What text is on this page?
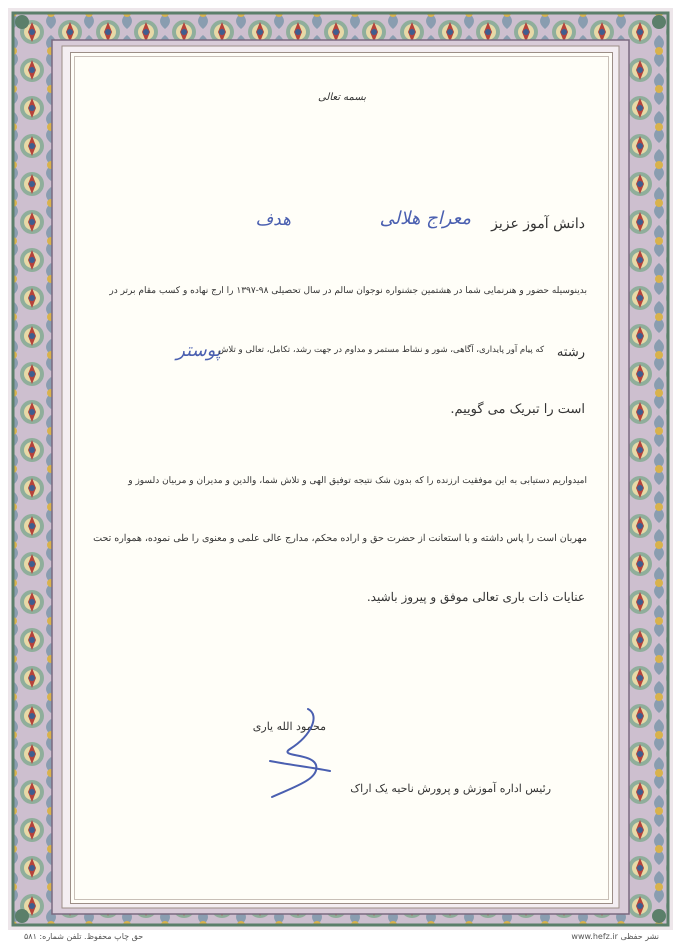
بسمه تعالی
دانش آموز عزیز
معراج هلالی
هدف
بدینوسیله حضور و هنرنمایی شما در هشتمین جشنواره نوجوان سالم در سال تحصیلی ۹۸-۱۳۹۷ را ارج نهاده و کسب مقام برتر در
رشته
پوستر
که پیام آور پایداری، آگاهی، شور و نشاط مستمر و مداوم در جهت رشد، تکامل، تعالی و تلاش
است را تبریک می گوییم.
امیدواریم دستیابی به این موفقیت ارزنده را که بدون شک نتیجه توفیق الهی و تلاش شما، والدین و مدیران و مربیان دلسوز و
مهربان است را پاس داشته و با استعانت از حضرت حق و اراده محکم، مدارج عالی علمی و معنوی را طی نموده، همواره تحت
عنایات ذات باری تعالی موفق و پیروز باشید.
محمود الله یاری
رئیس اداره آموزش و پرورش ناحیه یک اراک
حق چاپ محفوظ. تلفن شماره: ۵۸۱	www.hefz.ir نشر حفظی
